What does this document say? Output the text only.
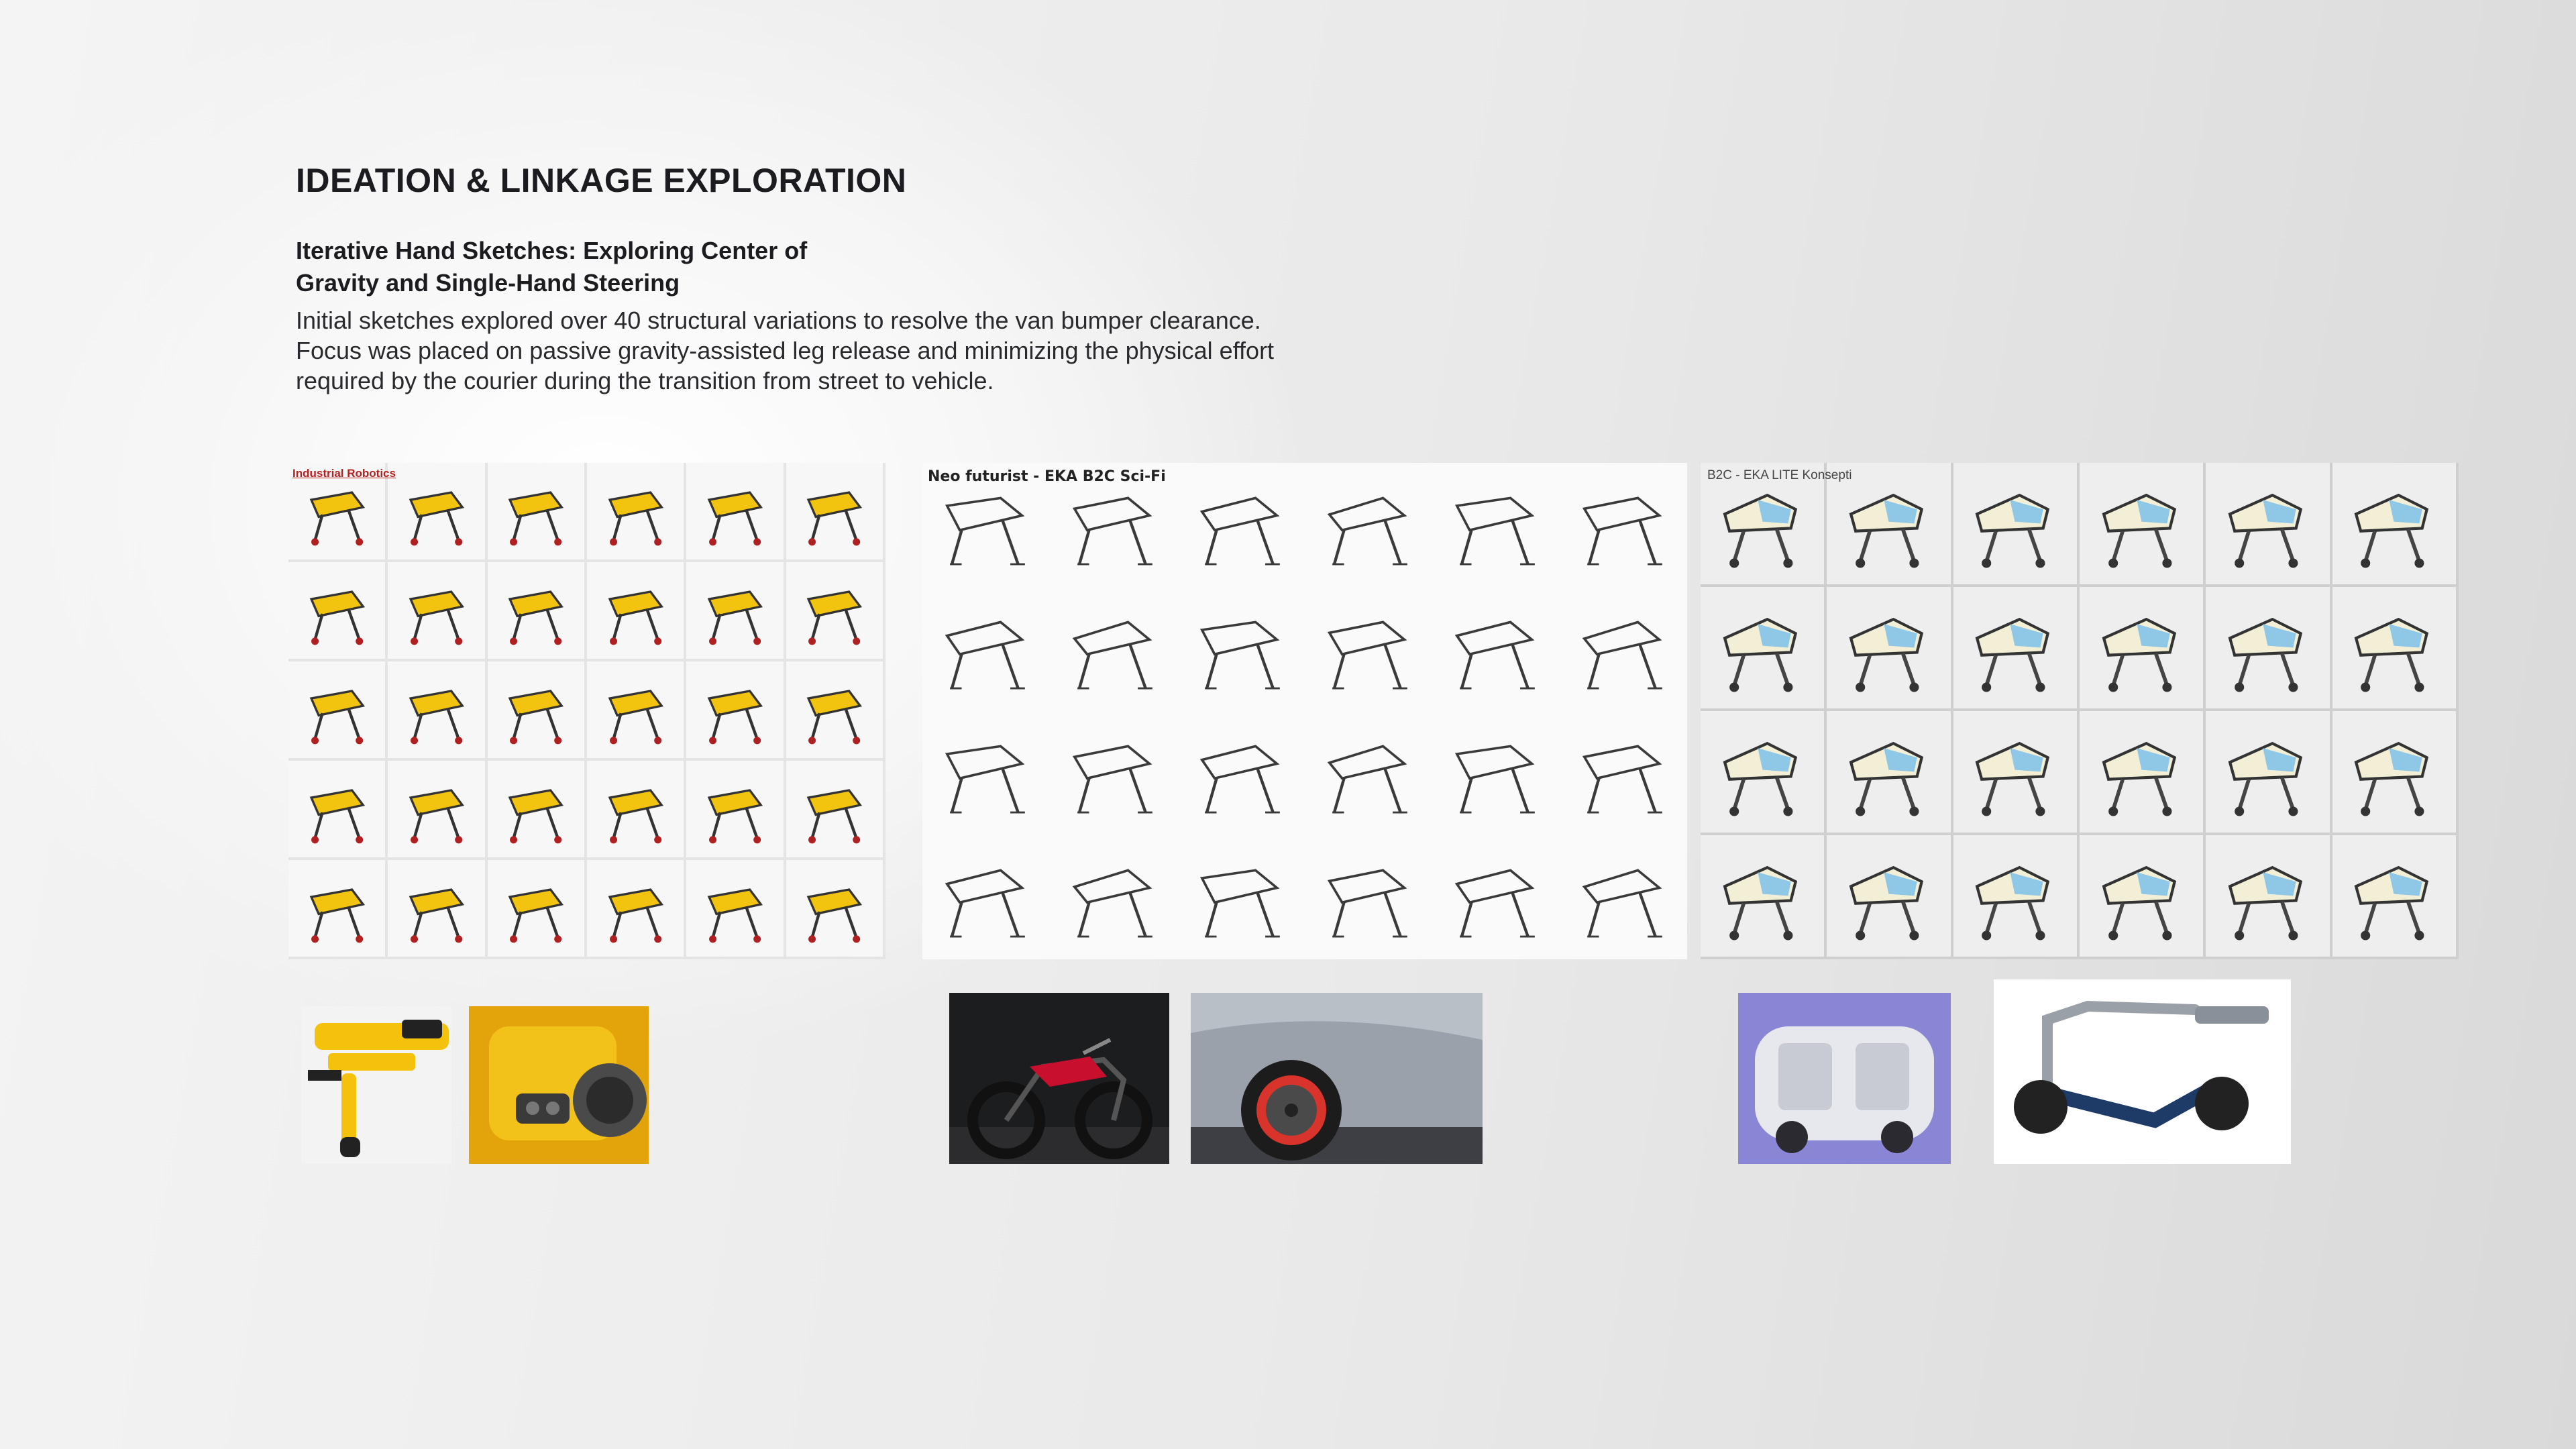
IDEATION & LINKAGE EXPLORATION
Iterative Hand Sketches: Exploring Center of
Gravity and Single-Hand Steering

Initial sketches explored over 40 structural variations to resolve the van bumper clearance.
Focus was placed on passive gravity-assisted leg release and minimizing the physical effort
required by the courier during the transition from street to vehicle.

Industrial Robotics	Neo futurist - EKA B2C Sci-Fi	B2C - EKA LITE Konsepti
